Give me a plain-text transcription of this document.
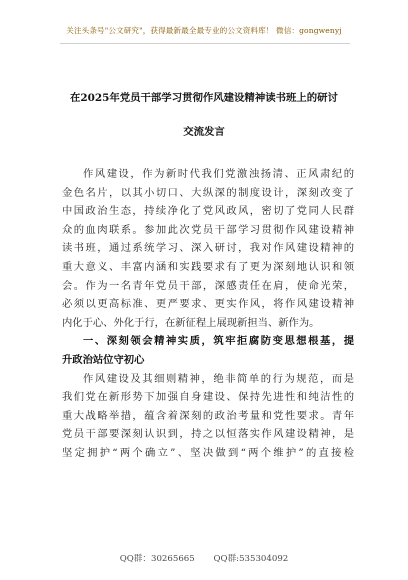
关注头条号"公文研究"，获得最新最全最专业的公文资料库！ 微信：gongwenyj
在2025年党员干部学习贯彻作风建设精神读书班上的研讨
交流发言
作风建设，作为新时代我们党激浊扬清、正风肃纪的
金色名片，以其小切口、大纵深的制度设计，深刻改变了
中国政治生态，持续净化了党风政风，密切了党同人民群
众的血肉联系。参加此次党员干部学习贯彻作风建设精神
读书班，通过系统学习、深入研讨，我对作风建设精神的
重大意义、丰富内涵和实践要求有了更为深刻地认识和领
会。作为一名青年党员干部，深感责任在肩，使命光荣，
必须以更高标准、更严要求、更实作风，将作风建设精神
内化于心、外化于行，在新征程上展现新担当、新作为。
一、深刻领会精神实质，筑牢拒腐防变思想根基，提
升政治站位守初心
作风建设及其细则精神，绝非简单的行为规范，而是
我们党在新形势下加强自身建设、保持先进性和纯洁性的
重大战略举措，蕴含着深刻的政治考量和党性要求。青年
党员干部要深刻认识到，持之以恒落实作风建设精神，是
坚定拥护“两个确立”、坚决做到“两个维护”的直接检
QQ群：30265665 QQ群:535304092
